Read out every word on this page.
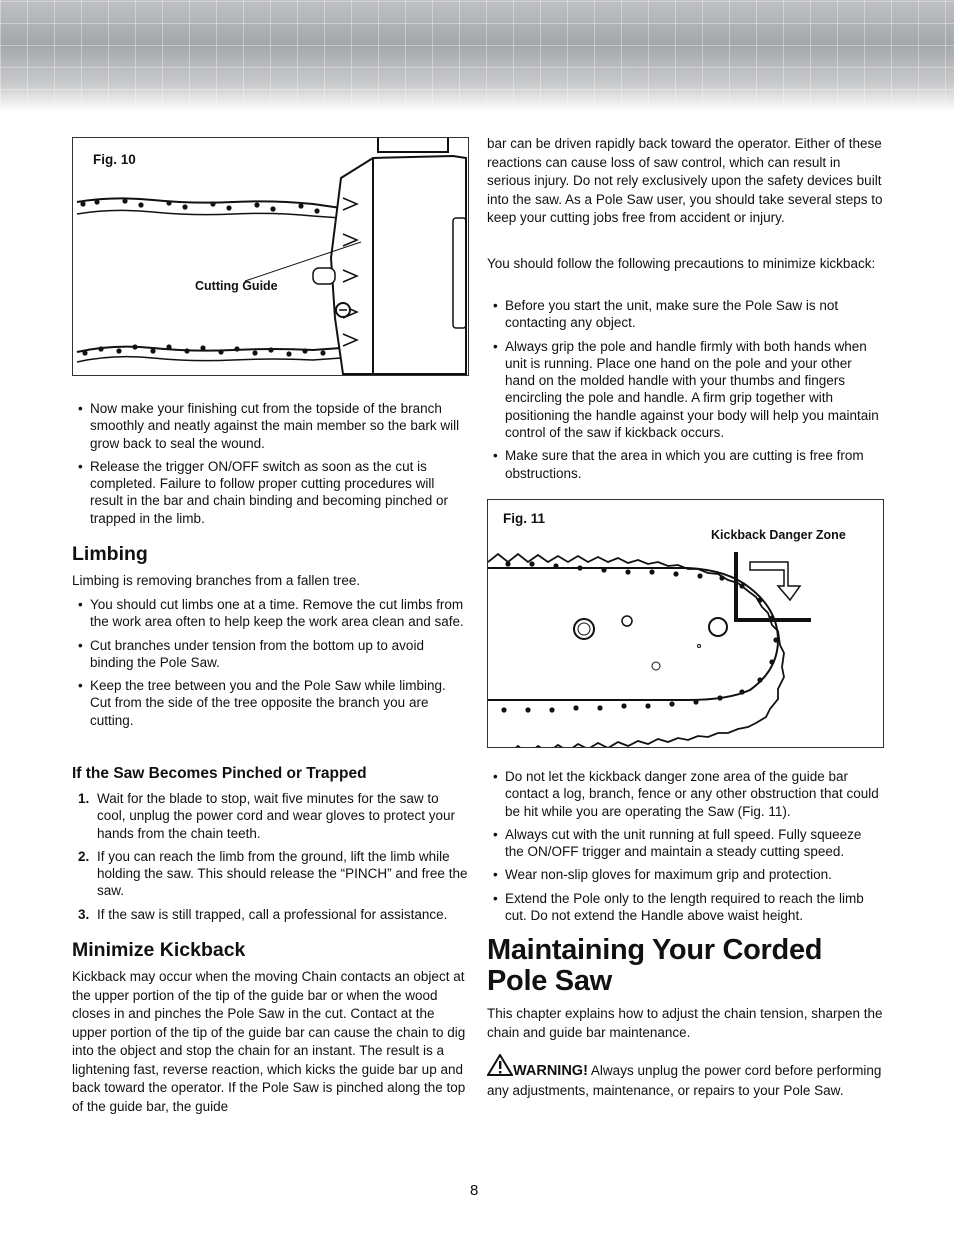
Fig. 10
Cutting Guide
• Now make your finishing cut from the topside of the branch smoothly and neatly against the main member so the bark will grow back to seal the wound.
• Release the trigger ON/OFF switch as soon as the cut is completed. Failure to follow proper cutting procedures will result in the bar and chain binding and becoming pinched or trapped in the limb.
Limbing

Limbing is removing branches from a fallen tree.

• You should cut limbs one at a time. Remove the cut limbs from the work area often to help keep the work area clean and safe.
• Cut branches under tension from the bottom up to avoid binding the Pole Saw.
• Keep the tree between you and the Pole Saw while limbing. Cut from the side of the tree opposite the branch you are cutting.
If the Saw Becomes Pinched or Trapped
1. Wait for the blade to stop, wait five minutes for the saw to cool, unplug the power cord and wear gloves to protect your hands from the chain teeth.
2. If you can reach the limb from the ground, lift the limb while holding the saw. This should release the “PINCH” and free the saw.
3. If the saw is still trapped, call a professional for assistance.
Minimize Kickback

Kickback may occur when the moving Chain contacts an object at the upper portion of the tip of the guide bar or when the wood closes in and pinches the Pole Saw in the cut. Contact at the upper portion of the tip of the guide bar can cause the chain to dig into the object and stop the chain for an instant. The result is a lightening fast, reverse reaction, which kicks the guide bar up and back toward the operator. If the Pole Saw is pinched along the top of the guide bar, the guide

bar can be driven rapidly back toward the operator. Either of these reactions can cause loss of saw control, which can result in serious injury. Do not rely exclusively upon the safety devices built into the saw. As a Pole Saw user, you should take several steps to keep your cutting jobs free from accident or injury.

You should follow the following precautions to minimize kickback:

• Before you start the unit, make sure the Pole Saw is not contacting any object.
• Always grip the pole and handle firmly with both hands when unit is running. Place one hand on the pole and your other hand on the molded handle with your thumbs and fingers encircling the pole and handle. A firm grip together with positioning the handle against your body will help you maintain control of the saw if kickback occurs.
• Make sure that the area in which you are cutting is free from obstructions.
Fig. 11
Kickback Danger Zone
• Do not let the kickback danger zone area of the guide bar contact a log, branch, fence or any other obstruction that could be hit while you are operating the Saw (Fig. 11).
• Always cut with the unit running at full speed. Fully squeeze the ON/OFF trigger and maintain a steady cutting speed.
• Wear non-slip gloves for maximum grip and protection.
• Extend the Pole only to the length required to reach the limb cut. Do not extend the Handle above waist height.
Maintaining Your Corded Pole Saw

This chapter explains how to adjust the chain tension, sharpen the chain and guide bar maintenance.

WARNING! Always unplug the power cord before performing any adjustments, maintenance, or repairs to your Pole Saw.
8
